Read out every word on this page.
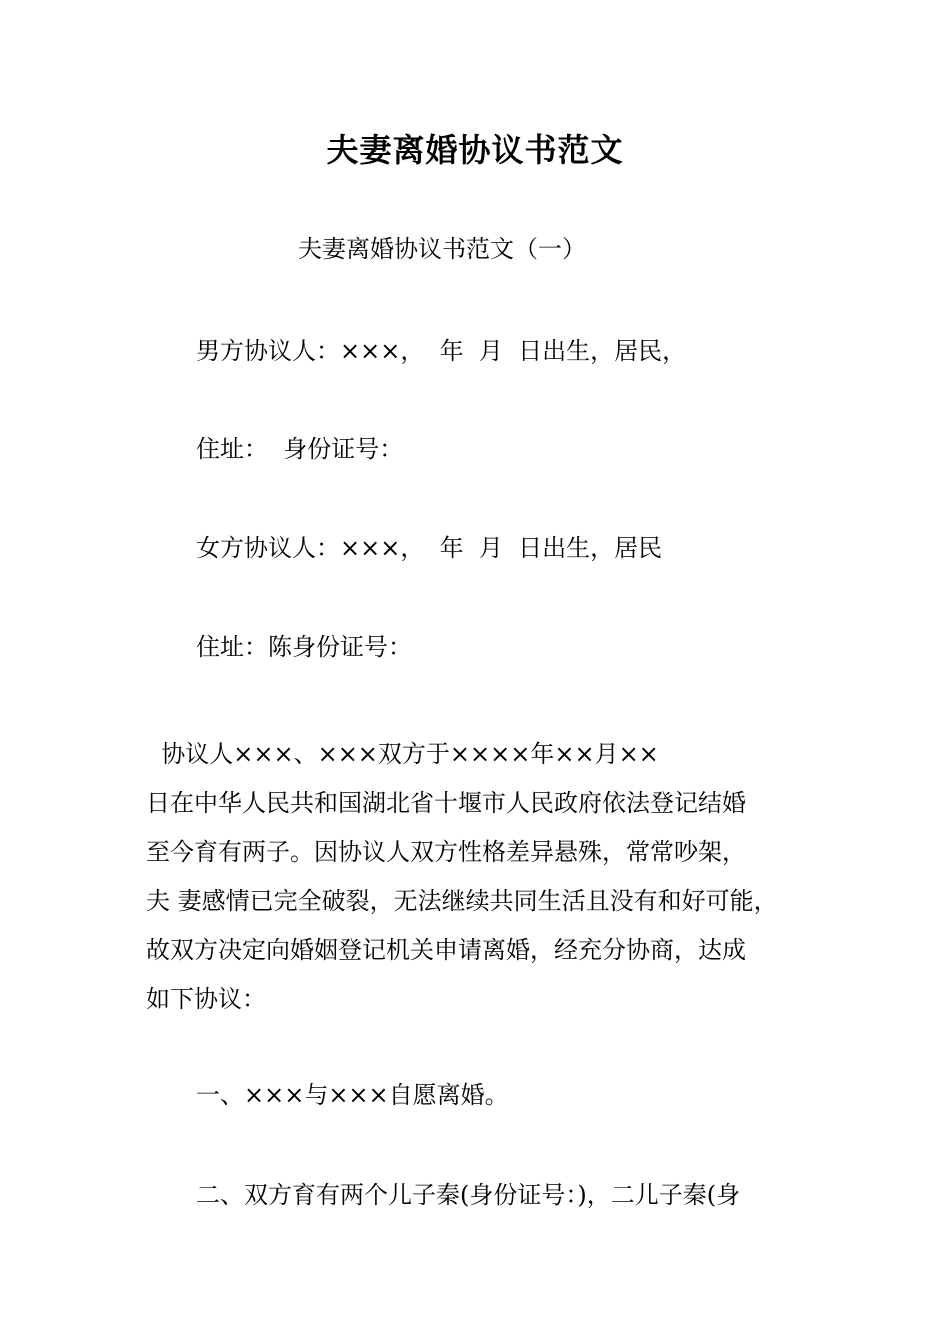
夫妻离婚协议书范文
夫妻离婚协议书范文（一）
男方协议人：×××，  年  月  日出生，居民，
住址：  身份证号：
女方协议人：×××，  年  月  日出生，居民
住址：陈身份证号：
协议人×××、×××双方于××××年××月××
日在中华人民共和国湖北省十堰市人民政府依法登记结婚
至今育有两子。因协议人双方性格差异悬殊，常常吵架，
夫 妻感情已完全破裂，无法继续共同生活且没有和好可能，
故双方决定向婚姻登记机关申请离婚，经充分协商，达成
如下协议：
一、×××与×××自愿离婚。
二、双方育有两个儿子秦(身份证号：)，二儿子秦(身
